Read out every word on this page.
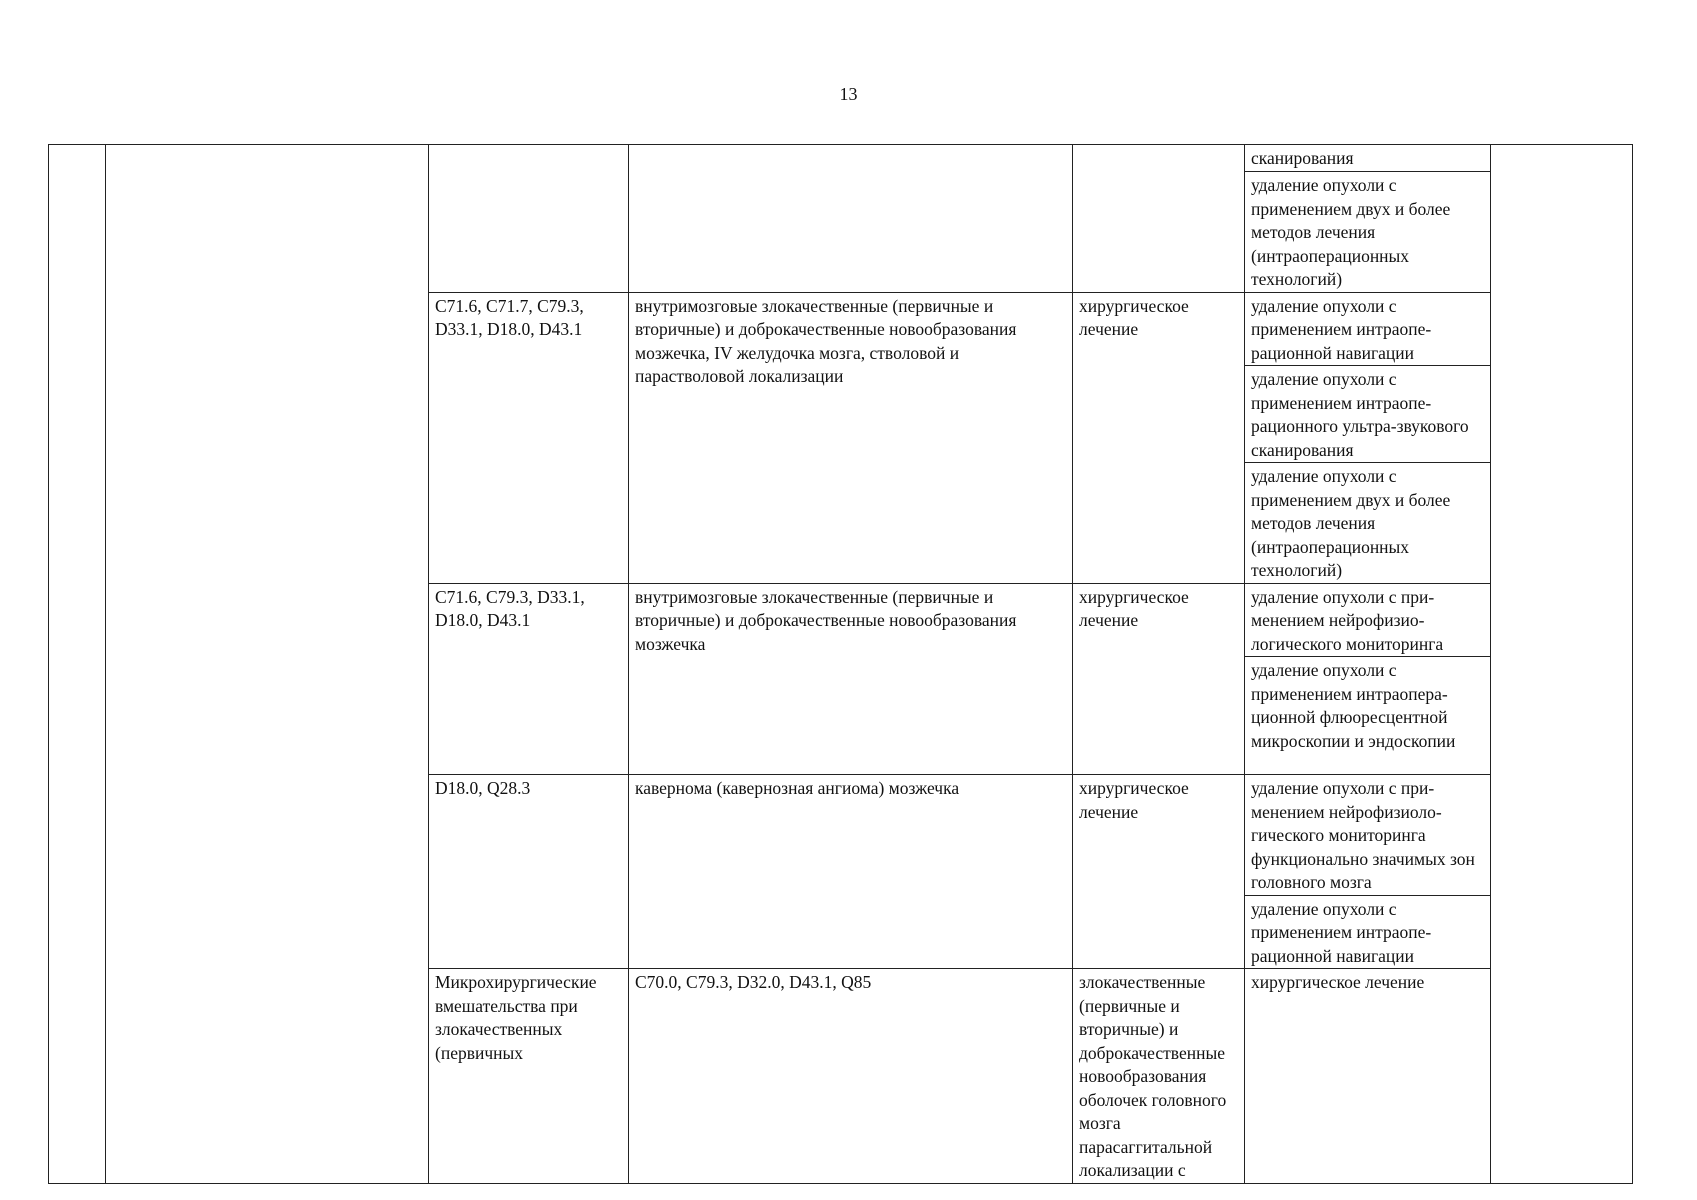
13
					сканирования		
					удаление опухоли с применением двух и более методов лечения (интраоперационных технологий)		
		C71.6, C71.7, C79.3, D33.1, D18.0, D43.1	внутримозговые злокачественные (первичные и вторичные) и доброкачественные новообразования мозжечка, IV желудочка мозга, стволовой и парастволовой локализации	хирургическое лечение	удаление опухоли с применением интраопе-рационной навигации		
					удаление опухоли с применением интраопе-рационного ультра-звукового сканирования		
					удаление опухоли с применением двух и более методов лечения (интраоперационных технологий)		
		C71.6, C79.3, D33.1, D18.0, D43.1	внутримозговые злокачественные (первичные и вторичные) и доброкачественные новообразования мозжечка	хирургическое лечение	удаление опухоли с при-менением нейрофизио-логического мониторинга		
					удаление опухоли с применением интраопера-ционной флюоресцентной микроскопии и эндоскопии		
		D18.0, Q28.3	кавернома (кавернозная ангиома) мозжечка	хирургическое лечение	удаление опухоли с при-менением нейрофизиоло-гического мониторинга функционально значимых зон головного мозга		
					удаление опухоли с применением интраопе-рационной навигации		
		Микрохирургические вмешательства при злокачественных (первичных	C70.0, C79.3, D32.0, D43.1, Q85	злокачественные (первичные и вторичные) и доброкачественные новообразования оболочек головного мозга парасаггитальной локализации с	хирургическое лечение	
